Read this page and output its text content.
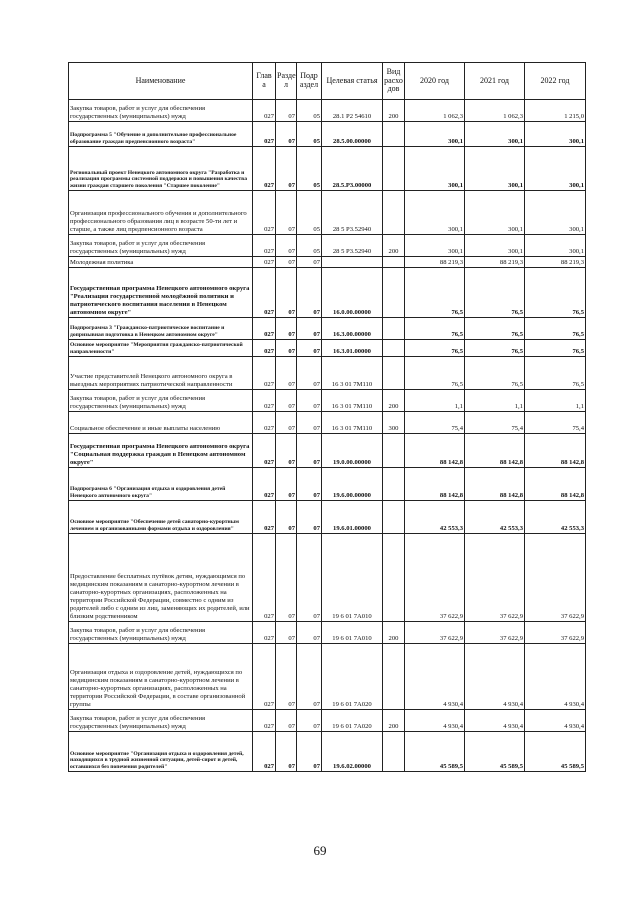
Наименование	Глав а	Разде л	Подр аздел	Целевая статья	Вид расхо дов	2020 год	2021 год	2022 год
Закупка товаров, работ и услуг для обеспечения государственных (муниципальных) нужд	027	07	05	28.1 P2 54610	200	1 062,3	1 062,3	1 215,0
Подпрограмма 5 "Обучение и дополнительное профессиональное образование граждан предпенсионного возраста"	027	07	05	28.5.00.00000		300,1	300,1	300,1
Региональный проект Ненецкого автономного округа "Разработка и реализация программы системной поддержки и повышения качества жизни граждан старшего поколения "Старшее поколение"	027	07	05	28.5.P3.00000		300,1	300,1	300,1
Организация профессионального обучения и дополнительного профессионального образования лиц в возрасте 50-ти лет и старше, а также лиц предпенсионного возраста	027	07	05	28 5 P3.52940		300,1	300,1	300,1
Закупка товаров, работ и услуг для обеспечения государственных (муниципальных) нужд	027	07	05	28 5 P3.52940	200	300,1	300,1	300,1
Молодежная политика	027	07	07			88 219,3	88 219,3	88 219,3
Государственная программа Ненецкого автономного округа "Реализация государственной молодёжной политики и патриотического воспитания населения в Ненецком автономном округе"	027	07	07	16.0.00.00000		76,5	76,5	76,5
Подпрограмма 3 "Гражданско-патриотическое воспитание и допризывная подготовка в Ненецком автономном округе"	027	07	07	16.3.00.00000		76,5	76,5	76,5
Основное мероприятие "Мероприятия гражданско-патриотической направленности"	027	07	07	16.3.01.00000		76,5	76,5	76,5
Участие представителей Ненецкого автономного округа в выездных мероприятиях патриотической направленности	027	07	07	16 3 01 7М110		76,5	76,5	76,5
Закупка товаров, работ и услуг для обеспечения государственных (муниципальных) нужд	027	07	07	16 3 01 7М110	200	1,1	1,1	1,1
Социальное обеспечение и иные выплаты населению	027	07	07	16 3 01 7М110	300	75,4	75,4	75,4
Государственная программа Ненецкого автономного округа "Социальная поддержка граждан в Ненецком автономном округе"	027	07	07	19.0.00.00000		88 142,8	88 142,8	88 142,8
Подпрограмма 6 "Организация отдыха и оздоровления детей Ненецкого автономного округа"	027	07	07	19.6.00.00000		88 142,8	88 142,8	88 142,8
Основное мероприятие "Обеспечение детей санаторно-курортным лечением и организованными формами отдыха и оздоровления"	027	07	07	19.6.01.00000		42 553,3	42 553,3	42 553,3
Предоставление бесплатных путёвок детям, нуждающимся по медицинским показаниям в санаторно-курортном лечении в санаторно-курортных организациях, расположенных на территории Российской Федерации, совместно с одним из родителей либо с одним из лиц, заменяющих их родителей, или близким родственником	027	07	07	19 6 01 7А010		37 622,9	37 622,9	37 622,9
Закупка товаров, работ и услуг для обеспечения государственных (муниципальных) нужд	027	07	07	19 6 01 7А010	200	37 622,9	37 622,9	37 622,9
Организация отдыха и оздоровление детей, нуждающихся по медицинским показаниям в санаторно-курортном лечении в санаторно-курортных организациях, расположенных на территории Российской Федерации, в составе организованной группы	027	07	07	19 6 01 7А020		4 930,4	4 930,4	4 930,4
Закупка товаров, работ и услуг для обеспечения государственных (муниципальных) нужд	027	07	07	19 6 01 7А020	200	4 930,4	4 930,4	4 930,4
Основное мероприятие "Организация отдыха и оздоровления детей, находящихся в трудной жизненной ситуации, детей-сирот и детей, оставшихся без попечения родителей"	027	07	07	19.6.02.00000		45 589,5	45 589,5	45 589,5
69
